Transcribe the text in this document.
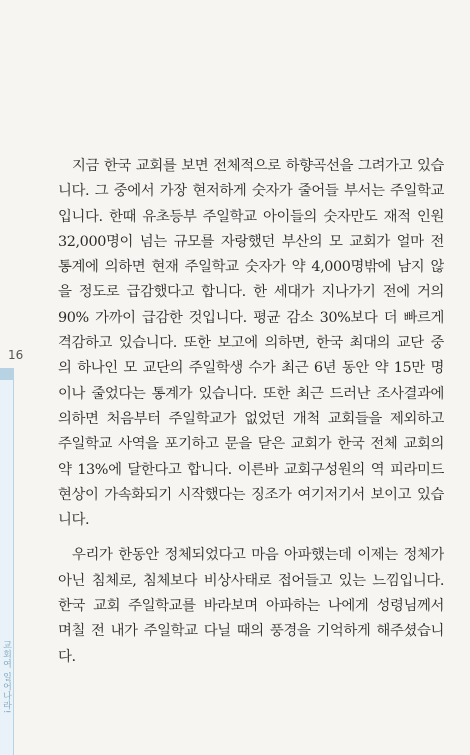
16
교회여 일어나라!

지금 한국 교회를 보면 전체적으로 하향곡선을 그려가고 있습

니다. 그 중에서 가장 현저하게 숫자가 줄어들 부서는 주일학교

입니다. 한때 유초등부 주일학교 아이들의 숫자만도 재적 인원

32,000명이 넘는 규모를 자랑했던 부산의 모 교회가 얼마 전

통계에 의하면 현재 주일학교 숫자가 약 4,000명밖에 남지 않

을 정도로 급감했다고 합니다. 한 세대가 지나가기 전에 거의

90% 가까이 급감한 것입니다. 평균 감소 30%보다 더 빠르게

격감하고 있습니다. 또한 보고에 의하면, 한국 최대의 교단 중

의 하나인 모 교단의 주일학생 수가 최근 6년 동안 약 15만 명

이나 줄었다는 통계가 있습니다. 또한 최근 드러난 조사결과에

의하면 처음부터 주일학교가 없었던 개척 교회들을 제외하고

주일학교 사역을 포기하고 문을 닫은 교회가 한국 전체 교회의

약 13%에 달한다고 합니다. 이른바 교회구성원의 역 피라미드

현상이 가속화되기 시작했다는 징조가 여기저기서 보이고 있습

니다.

우리가 한동안 정체되었다고 마음 아파했는데 이제는 정체가

아닌 침체로, 침체보다 비상사태로 접어들고 있는 느낌입니다.

한국 교회 주일학교를 바라보며 아파하는 나에게 성령님께서

며칠 전 내가 주일학교 다닐 때의 풍경을 기억하게 해주셨습니

다.
